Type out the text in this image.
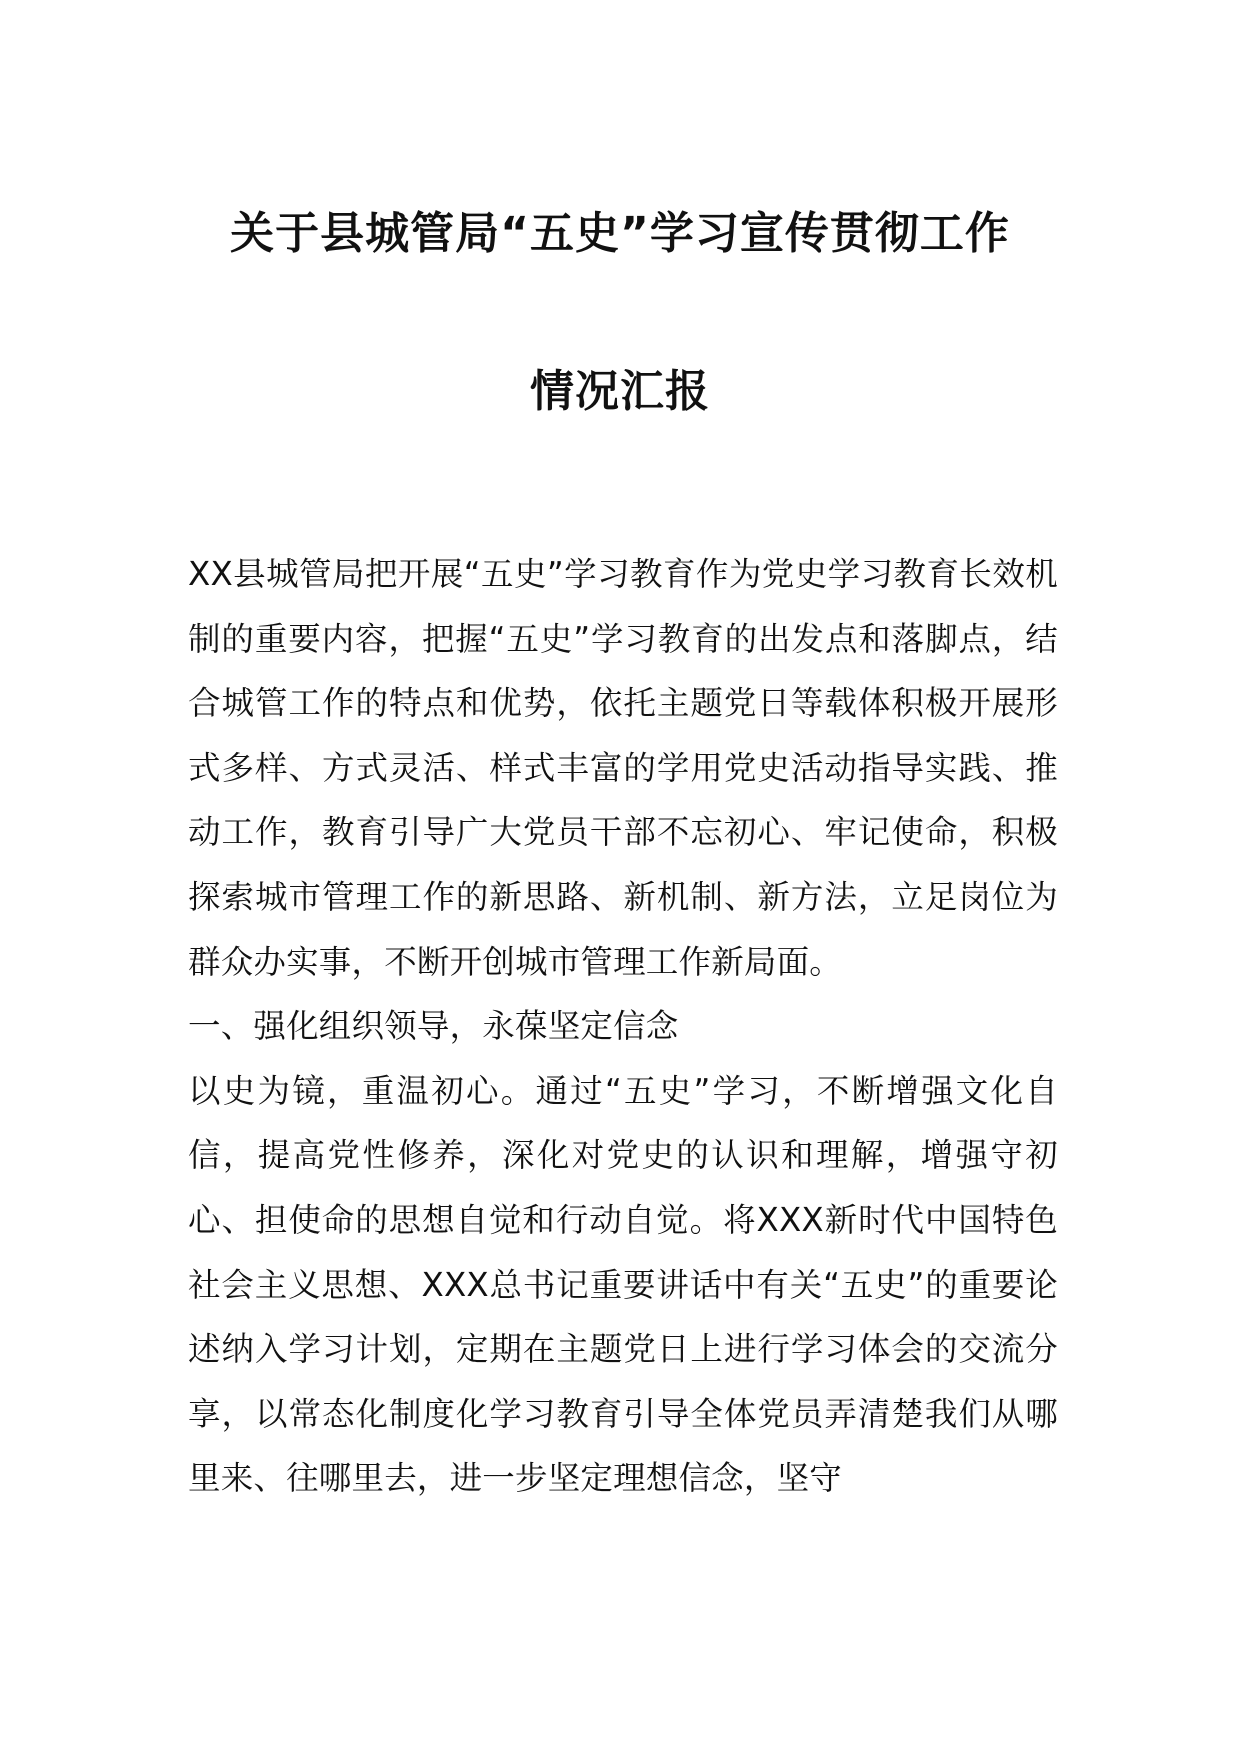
关于县城管局“五史”学习宣传贯彻工作
情况汇报

XX县城管局把开展“五史”学习教育作为党史学习教育长效机制的重要内容，把握“五史”学习教育的出发点和落脚点，结合城管工作的特点和优势，依托主题党日等载体积极开展形式多样、方式灵活、样式丰富的学用党史活动指导实践、推动工作，教育引导广大党员干部不忘初心、牢记使命，积极探索城市管理工作的新思路、新机制、新方法，立足岗位为群众办实事，不断开创城市管理工作新局面。

一、强化组织领导，永葆坚定信念

以史为镜，重温初心。通过“五史”学习，不断增强文化自信，提高党性修养，深化对党史的认识和理解，增强守初心、担使命的思想自觉和行动自觉。将XXX新时代中国特色社会主义思想、XXX总书记重要讲话中有关“五史”的重要论述纳入学习计划，定期在主题党日上进行学习体会的交流分享，以常态化制度化学习教育引导全体党员弄清楚我们从哪里来、往哪里去，进一步坚定理想信念，坚守
